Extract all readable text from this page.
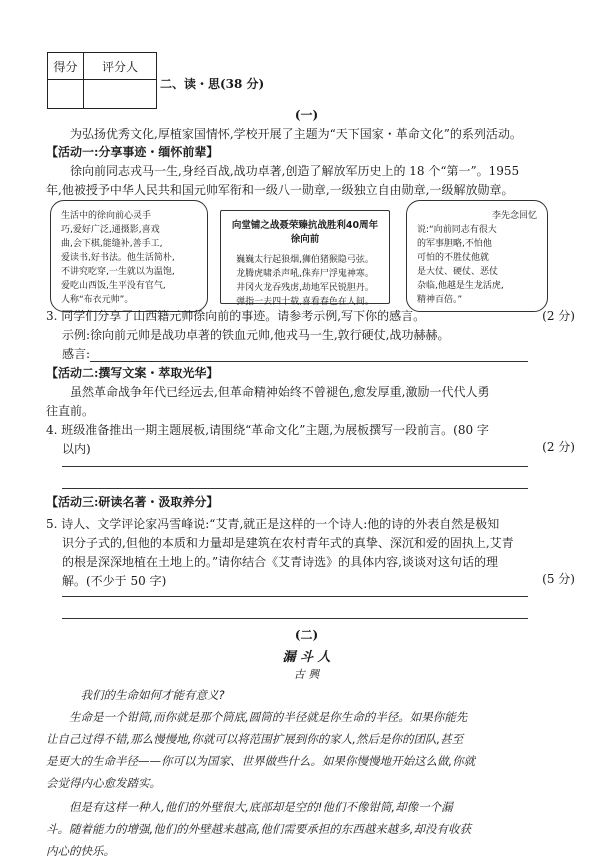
得分	评分人

二、读・思(38 分)
(一)
为弘扬优秀文化,厚植家国情怀,学校开展了主题为“天下国家・革命文化”的系列活动。
【活动一:分享事迹・缅怀前辈】
徐向前同志戎马一生,身经百战,战功卓著,创造了解放军历史上的 18 个“第一”。1955
年,他被授予中华人民共和国元帅军衔和一级八一勋章,一级独立自由勋章,一级解放勋章。
生活中的徐向前心灵手
巧,爱好广泛,通摄影,喜戏
曲,会下棋,能缝补,善手工,
爱读书,好书法。他生活简朴,
不讲究吃穿,一生就以为温饱,
爱吃山西饭,生平没有官气,
人称“布衣元帅”。
向堂铺之战聂荣臻抗战胜利40周年
徐向前
巍巍太行起狼烟,狮伯猪猴隐弓弦。
龙腾虎啸杀声吼,侏弃尸浮鬼神寒。
井冈火龙吞残虏,劫地军民锐胆丹。
弹指一去四十载,喜看春色在人间。
李先念回忆
说:“向前同志有很大
的军事胆略,不怕他
可怕的不胜仗他就
是大仗、硬仗、恶仗
杂临,他越是生龙活虎,
精神百倍。”
3. 同学们分享了山西籍元帅徐向前的事迹。请参考示例,写下你的感言。	(2 分)
示例:徐向前元帅是战功卓著的铁血元帅,他戎马一生,敦行硬仗,战功赫赫。
感言:
【活动二:撰写文案・萃取光华】
虽然革命战争年代已经远去,但革命精神始终不曾褪色,愈发厚重,激励一代代人勇
往直前。
4. 班级准备推出一期主题展板,请围绕“革命文化”主题,为展板撰写一段前言。(80 字
以内)	(2 分)
【活动三:研读名著・汲取养分】
5. 诗人、文学评论家冯雪峰说:“艾青,就正是这样的一个诗人:他的诗的外表自然是极知
识分子式的,但他的本质和力量却是建筑在农村青年式的真挚、深沉和爱的固执上,艾青
的根是深深地植在土地上的。”请你结合《艾青诗选》的具体内容,谈谈对这句话的理
解。(不少于 50 字)	(5 分)
(二)
漏 斗 人
古 興
我们的生命如何才能有意义?
生命是一个钳筒,而你就是那个筒底,圆筒的半径就是你生命的半径。如果你能先
让自己过得不错,那么慢慢地,你就可以将范围扩展到你的家人,然后是你的团队,甚至
是更大的生命半径——你可以为国家、世界做些什么。如果你慢慢地开始这么做,你就
会觉得内心愈发踏实。
但是有这样一种人,他们的外壁很大,底部却是空的!他们不像钳筒,却像一个漏
斗。随着能力的增强,他们的外壁越来越高,他们需要承担的东西越来越多,却没有收获
内心的快乐。
